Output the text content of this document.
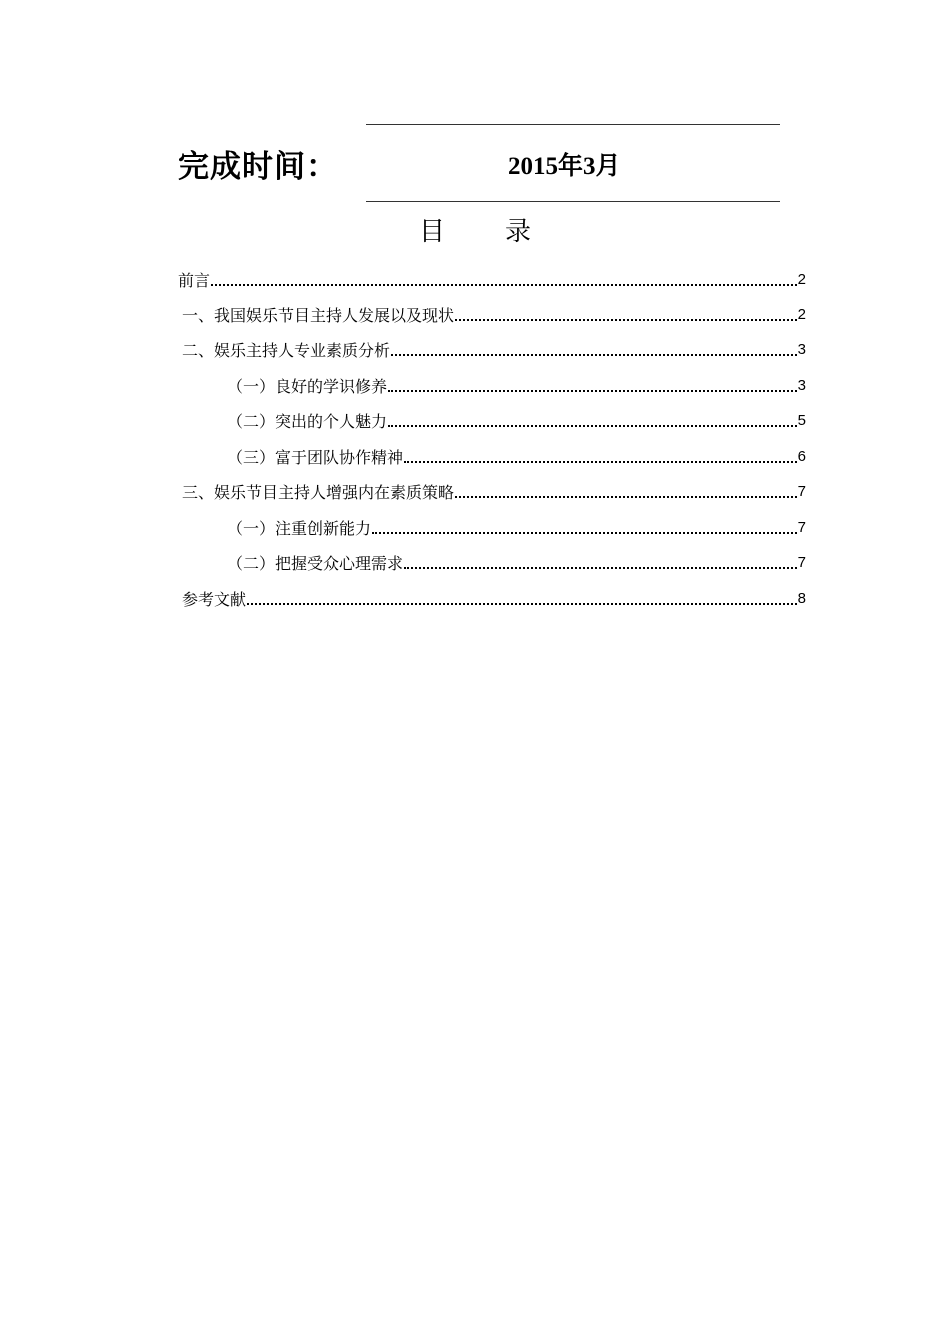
完成时间：	2015年3月
目录
前言	2
一、我国娱乐节目主持人发展以及现状	2
二、娱乐主持人专业素质分析	3
（一）良好的学识修养	3
（二）突出的个人魅力	5
（三）富于团队协作精神	6
三、娱乐节目主持人增强内在素质策略	7
（一）注重创新能力	7
（二）把握受众心理需求	7
参考文献	8
